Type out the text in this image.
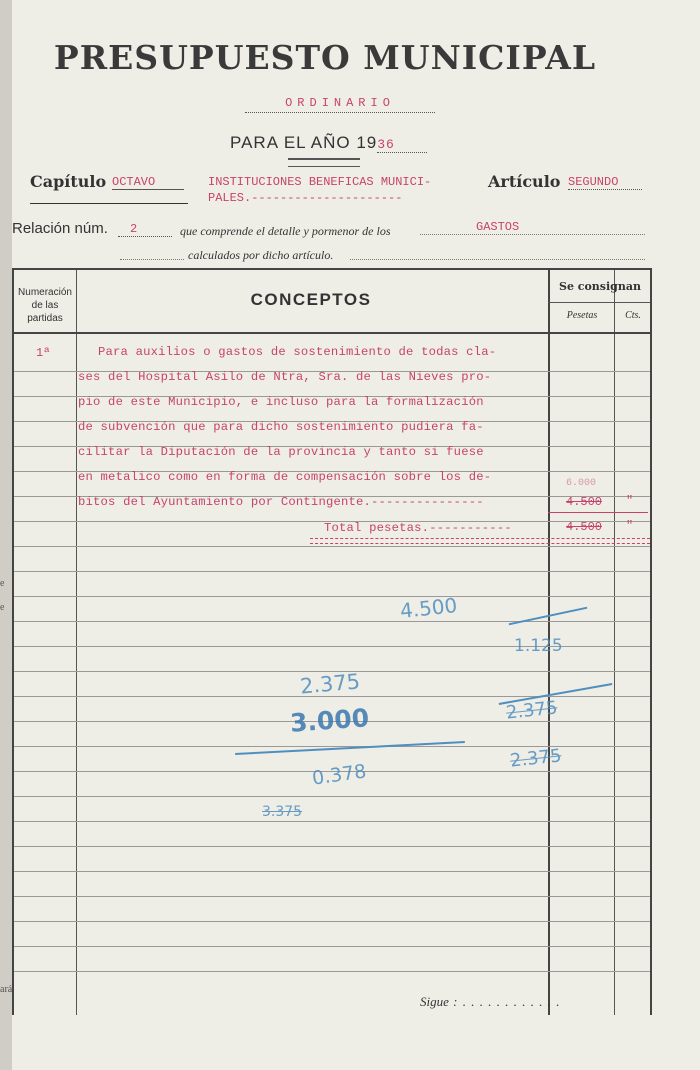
e
e
ará
PRESUPUESTO MUNICIPAL
ORDINARIO
PARA EL AÑO 1936
Capítulo OCTAVO	INSTITUCIONES BENEFICAS MUNICI-
PALES.---------------------
Artículo SEGUNDO
Relación núm.	2	que comprende el detalle y pormenor de los	GASTOS
calculados por dicho artículo.
Numeración de las partidas
CONCEPTOS
Se consignan
Pesetas	Cts.
1ª	Para auxilios o gastos de sostenimiento de todas cla-
ses del Hospital Asilo de Ntra, Sra. de las Nieves pro-
pio de este Municipio, e incluso para la formalización
de subvención que para dicho sostenimiento pudiera fa-
cilitar la Diputación de la provincia y tanto si fuese
en metalico como en forma de compensación sobre los de-
bitos del Ayuntamiento por Contingente.---------------
6.000
4.500 "
Total pesetas.-----------	4.500 "
4.500
1.125
2.375
3.000
0.378
3.375
2.375
2.375
Sigue : . . . . . . . . . . . .
